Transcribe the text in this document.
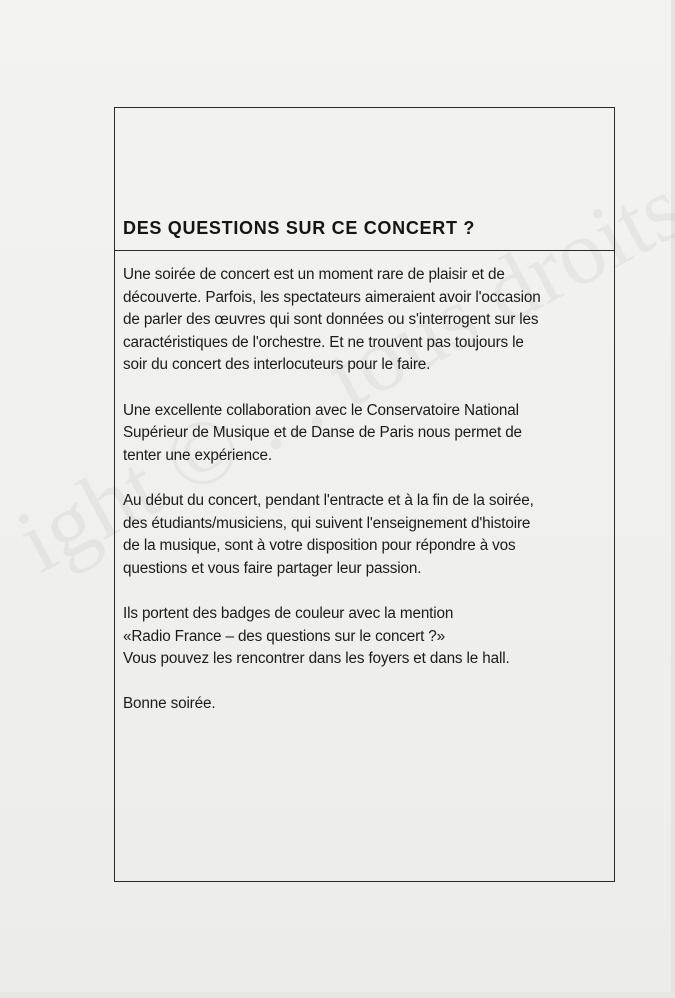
DES QUESTIONS SUR CE CONCERT ?

Une soirée de concert est un moment rare de plaisir et de
découverte. Parfois, les spectateurs aimeraient avoir l'occasion
de parler des œuvres qui sont données ou s'interrogent sur les
caractéristiques de l'orchestre. Et ne trouvent pas toujours le
soir du concert des interlocuteurs pour le faire.

Une excellente collaboration avec le Conservatoire National
Supérieur de Musique et de Danse de Paris nous permet de
tenter une expérience.

Au début du concert, pendant l'entracte et à la fin de la soirée,
des étudiants/musiciens, qui suivent l'enseignement d'histoire
de la musique, sont à votre disposition pour répondre à vos
questions et vous faire partager leur passion.

Ils portent des badges de couleur avec la mention
«Radio France – des questions sur le concert ?»
Vous pouvez les rencontrer dans les foyers et dans le hall.

Bonne soirée.
